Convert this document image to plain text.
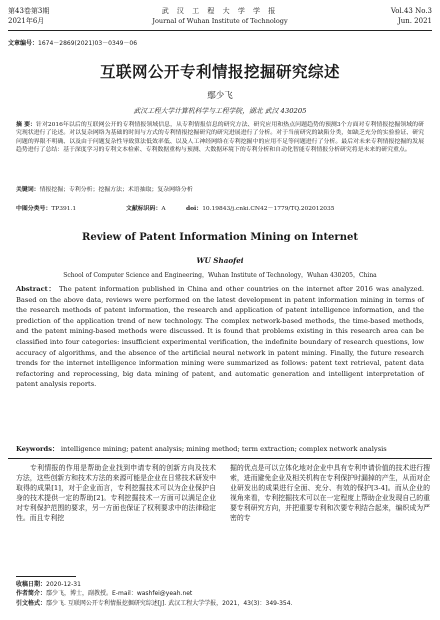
第43卷第3期
2021年6月
武 汉 工 程 大 学 学 报
Journal of Wuhan Institute of Technology
Vol.43 No.3
Jun. 2021
文章编号：1674－2869(2021)03－0349－06
互联网公开专利情报挖掘研究综述
鄢少飞
武汉工程大学计算机科学与工程学院，湖北 武汉 430205
摘 要：针对2016年以后的互联网公开的专利情报领域信息，从专利情报信息的研究方法、研究应用和热点问题趋势的预测3个方面对专利情报挖掘领域的研究现状进行了论述。对以复杂网络为基础的时间与方式的专利情报挖掘研究的研究进展进行了分析。对于当前研究的缺陷分类，如缺乏充分的实验验证、研究问题的界限不明确、以及由于问题复杂性导致算法低效率低、以及人工神经网络在专利挖掘中的应用不足等问题进行了分析。最后对未来专利情报挖掘的发展趋势进行了总结：基于深度学习的专利文本检索、专利数据重构与预测、大数据环境下的专利分析和自动化智能专利情报分析研究将是未来的研究重点。
关键词：情报挖掘；专利分析；挖掘方法；术语抽取；复杂网络分析
中图分类号：TP391.1	文献标识码：A	doi：10.19843/j.cnki.CN42－1779/TQ.202012035
Review of Patent Information Mining on Internet
WU Shaofei
School of Computer Science and Engineering，Wuhan Institute of Technology，Wuhan 430205，China
Abstract： The patent information published in China and other countries on the internet after 2016 was analyzed. Based on the above data, reviews were performed on the latest development in patent information mining in terms of the research methods of patent information, the research and application of patent intelligence information, and the prediction of the application trend of new technology. The complex network-based methods, the time-based methods, and the patent mining-based methods were discussed. It is found that problems existing in this research area can be classified into four categories: insufficient experimental verification, the indefinite boundary of research questions, low accuracy of algorithms, and the absence of the artificial neural network in patent mining. Finally, the future research trends for the internet intelligence information mining were summarized as follows: patent text retrieval, patent data refactoring and reprocessing, big data mining of patent, and automatic generation and intelligent interpretation of patent analysis reports.
Keywords： intelligence mining; patent analysis; mining method; term extraction; complex network analysis

专利情报的作用是帮助企业找到申请专利的创新方向及技术方法，这些创新方和技术方法的来源可能是企业在日常技术研发中取得的成果[1]，对于企业而言，专利挖掘技术可以为企业保护自身的技术提供一定的帮助[2]。专利挖掘技术一方面可以满足企业对专利保护范围的要求，另一方面也保证了权利要求中的法律稳定性。而且专利挖

掘的优点是可以立体化地对企业中具有专利申请价值的技术进行搜索，进而避免企业及相关机构在专利保护时漏掉的产生，从而对企业研发出的成果进行全面、充分、有效的保护[3-4]。而从企业的视角来看，专利挖掘技术可以在一定程度上帮助企业发现自己的重要专利研究方向，并把重要专利和次要专利结合起来，编织成为严密的专

收稿日期：2020-12-31
作者简介：鄢少飞，博士，副教授。E-mail：washfei@yeah.net
引文格式：鄢少飞. 互联网公开专利情报挖掘研究综述[J]. 武汉工程大学学报，2021，43(3)：349-354.
